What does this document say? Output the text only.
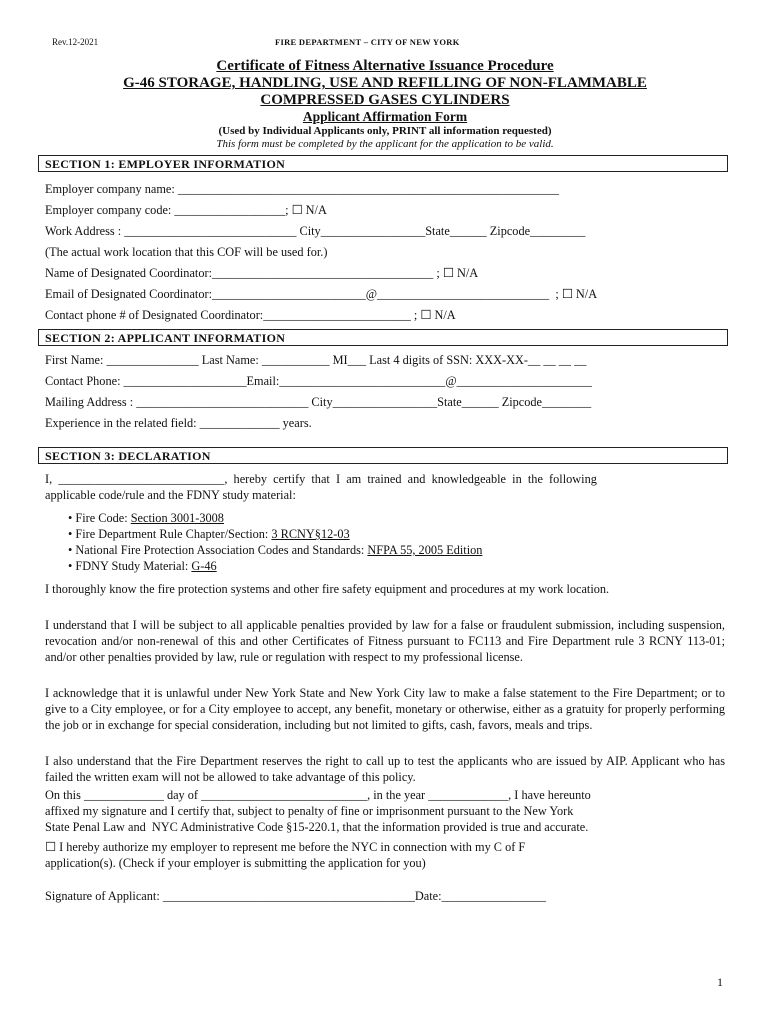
Rev.12-2021	FIRE DEPARTMENT – CITY OF NEW YORK
Certificate of Fitness Alternative Issuance Procedure
G-46 STORAGE, HANDLING, USE AND REFILLING OF NON-FLAMMABLE
COMPRESSED GASES CYLINDERS
Applicant Affirmation Form
(Used by Individual Applicants only, PRINT all information requested)
This form must be completed by the applicant for the application to be valid.
SECTION 1: EMPLOYER INFORMATION
Employer company name: ______________________________________________________________
Employer company code: __________________; ☐ N/A
Work Address : ____________________________ City_________________State______ Zipcode_________
(The actual work location that this COF will be used for.)
Name of Designated Coordinator:____________________________________ ; ☐ N/A
Email of Designated Coordinator:_________________________@____________________________  ; ☐ N/A
Contact phone # of Designated Coordinator:________________________ ; ☐ N/A
SECTION 2: APPLICANT INFORMATION
First Name: _______________ Last Name: ___________ MI___ Last 4 digits of SSN: XXX-XX-__ __ __ __
Contact Phone: ____________________Email:___________________________@______________________
Mailing Address : ____________________________ City_________________State______ Zipcode________
Experience in the related field: _____________ years.
SECTION 3: DECLARATION
I,  ___________________________,  hereby  certify  that  I  am  trained  and  knowledgeable  in  the  following
applicable code/rule and the FDNY study material:
• Fire Code: Section 3001-3008
• Fire Department Rule Chapter/Section: 3 RCNY§12-03
• National Fire Protection Association Codes and Standards: NFPA 55, 2005 Edition
• FDNY Study Material: G-46
I thoroughly know the fire protection systems and other fire safety equipment and procedures at my work location.
I understand that I will be subject to all applicable penalties provided by law for a false or fraudulent submission, including suspension, revocation and/or non-renewal of this and other Certificates of Fitness pursuant to FC113 and Fire Department rule 3 RCNY 113-01; and/or other penalties provided by law, rule or regulation with respect to my professional license.
I acknowledge that it is unlawful under New York State and New York City law to make a false statement to the Fire Department; or to give to a City employee, or for a City employee to accept, any benefit, monetary or otherwise, either as a gratuity for properly performing the job or in exchange for special consideration, including but not limited to gifts, cash, favors, meals and trips.
I also understand that the Fire Department reserves the right to call up to test the applicants who are issued by AIP. Applicant who has failed the written exam will not be allowed to take advantage of this policy.
On this _____________ day of ___________________________, in the year _____________, I have hereunto
affixed my signature and I certify that, subject to penalty of fine or imprisonment pursuant to the New York
State Penal Law and  NYC Administrative Code §15-220.1, that the information provided is true and accurate.
☐ I hereby authorize my employer to represent me before the NYC in connection with my C of F
application(s). (Check if your employer is submitting the application for you)
Signature of Applicant: _________________________________________Date:_________________
1
